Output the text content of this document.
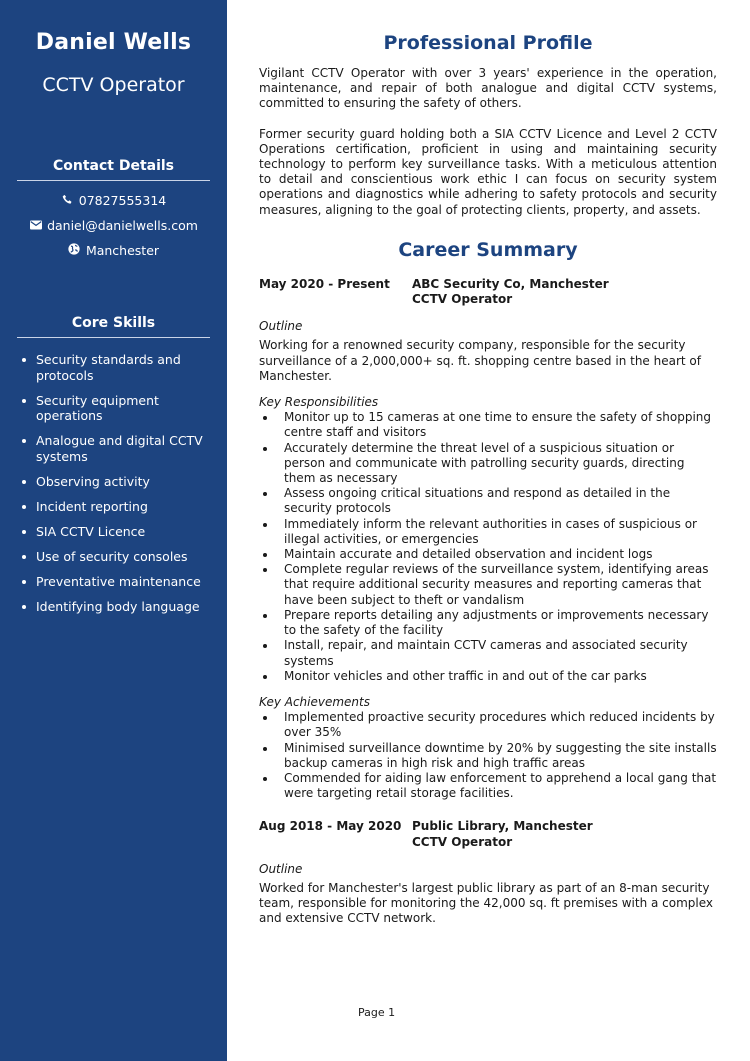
Daniel Wells
CCTV Operator
Contact Details
07827555314
daniel@danielwells.com
Manchester
Core Skills
Security standards and protocols
Security equipment operations
Analogue and digital CCTV systems
Observing activity
Incident reporting
SIA CCTV Licence
Use of security consoles
Preventative maintenance
Identifying body language
Professional Profile

Vigilant CCTV Operator with over 3 years' experience in the operation, maintenance, and repair of both analogue and digital CCTV systems, committed to ensuring the safety of others.

Former security guard holding both a SIA CCTV Licence and Level 2 CCTV Operations certification, proficient in using and maintaining security technology to perform key surveillance tasks. With a meticulous attention to detail and conscientious work ethic I can focus on security system operations and diagnostics while adhering to safety protocols and security measures, aligning to the goal of protecting clients, property, and assets.

Career Summary
May 2020 - Present	ABC Security Co, Manchester
CCTV Operator
Outline

Working for a renowned security company, responsible for the security surveillance of a 2,000,000+ sq. ft. shopping centre based in the heart of Manchester.

Key Responsibilities
Monitor up to 15 cameras at one time to ensure the safety of shopping centre staff and visitors
Accurately determine the threat level of a suspicious situation or person and communicate with patrolling security guards, directing them as necessary
Assess ongoing critical situations and respond as detailed in the security protocols
Immediately inform the relevant authorities in cases of suspicious or illegal activities, or emergencies
Maintain accurate and detailed observation and incident logs
Complete regular reviews of the surveillance system, identifying areas that require additional security measures and reporting cameras that have been subject to theft or vandalism
Prepare reports detailing any adjustments or improvements necessary to the safety of the facility
Install, repair, and maintain CCTV cameras and associated security systems
Monitor vehicles and other traffic in and out of the car parks
Key Achievements
Implemented proactive security procedures which reduced incidents by over 35%
Minimised surveillance downtime by 20% by suggesting the site installs backup cameras in high risk and high traffic areas
Commended for aiding law enforcement to apprehend a local gang that were targeting retail storage facilities.
Aug 2018 - May 2020 Public Library, Manchester
CCTV Operator
Outline

Worked for Manchester's largest public library as part of an 8-man security team, responsible for monitoring the 42,000 sq. ft premises with a complex and extensive CCTV network.

Page 1
